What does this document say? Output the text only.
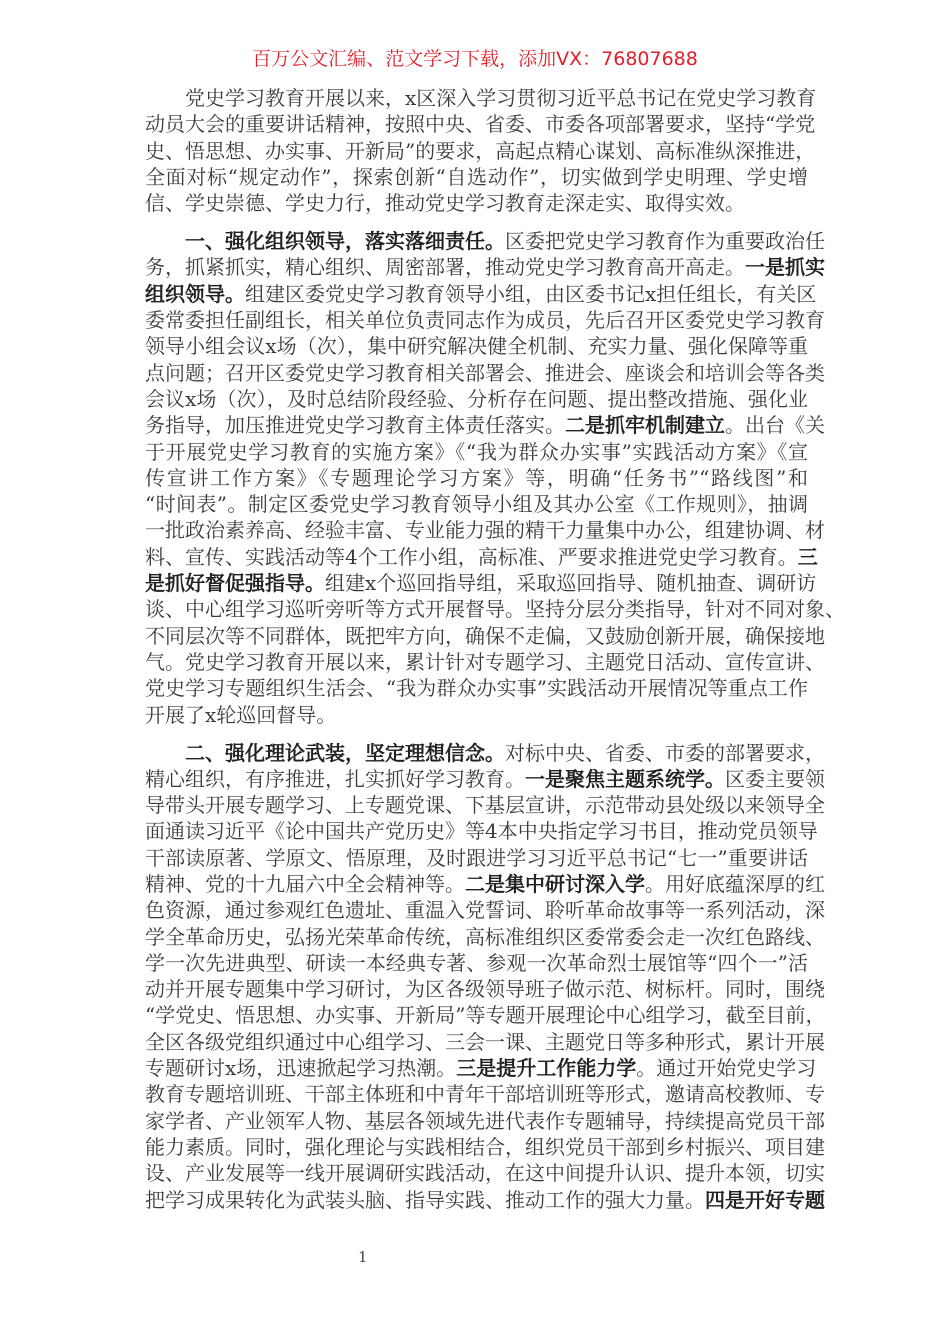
百万公文汇编、范文学习下载，添加VX：76807688
党史学习教育开展以来，x区深入学习贯彻习近平总书记在党史学习教育
动员大会的重要讲话精神，按照中央、省委、市委各项部署要求，坚持“学党
史、悟思想、办实事、开新局”的要求，高起点精心谋划、高标准纵深推进，
全面对标“规定动作”，探索创新“自选动作”，切实做到学史明理、学史增
信、学史崇德、学史力行，推动党史学习教育走深走实、取得实效。
一、强化组织领导，落实落细责任。区委把党史学习教育作为重要政治任
务，抓紧抓实，精心组织、周密部署，推动党史学习教育高开高走。一是抓实
组织领导。组建区委党史学习教育领导小组，由区委书记x担任组长，有关区
委常委担任副组长，相关单位负责同志作为成员，先后召开区委党史学习教育
领导小组会议x场（次），集中研究解决健全机制、充实力量、强化保障等重
点问题；召开区委党史学习教育相关部署会、推进会、座谈会和培训会等各类
会议x场（次），及时总结阶段经验、分析存在问题、提出整改措施、强化业
务指导，加压推进党史学习教育主体责任落实。二是抓牢机制建立。出台《关
于开展党史学习教育的实施方案》《“我为群众办实事”实践活动方案》《宣
传宣讲工作方案》《专题理论学习方案》等，明确“任务书”“路线图”和
“时间表”。制定区委党史学习教育领导小组及其办公室《工作规则》，抽调
一批政治素养高、经验丰富、专业能力强的精干力量集中办公，组建协调、材
料、宣传、实践活动等4个工作小组，高标准、严要求推进党史学习教育。三
是抓好督促强指导。组建x个巡回指导组，采取巡回指导、随机抽查、调研访
谈、中心组学习巡听旁听等方式开展督导。坚持分层分类指导，针对不同对象、
不同层次等不同群体，既把牢方向，确保不走偏，又鼓励创新开展，确保接地
气。党史学习教育开展以来，累计针对专题学习、主题党日活动、宣传宣讲、
党史学习专题组织生活会、“我为群众办实事”实践活动开展情况等重点工作
开展了x轮巡回督导。
二、强化理论武装，坚定理想信念。对标中央、省委、市委的部署要求，
精心组织，有序推进，扎实抓好学习教育。一是聚焦主题系统学。区委主要领
导带头开展专题学习、上专题党课、下基层宣讲，示范带动县处级以来领导全
面通读习近平《论中国共产党历史》等4本中央指定学习书目，推动党员领导
干部读原著、学原文、悟原理，及时跟进学习习近平总书记“七一”重要讲话
精神、党的十九届六中全会精神等。二是集中研讨深入学。用好底蕴深厚的红
色资源，通过参观红色遗址、重温入党誓词、聆听革命故事等一系列活动，深
学全革命历史，弘扬光荣革命传统，高标准组织区委常委会走一次红色路线、
学一次先进典型、研读一本经典专著、参观一次革命烈士展馆等“四个一”活
动并开展专题集中学习研讨，为区各级领导班子做示范、树标杆。同时，围绕
“学党史、悟思想、办实事、开新局”等专题开展理论中心组学习，截至目前，
全区各级党组织通过中心组学习、三会一课、主题党日等多种形式，累计开展
专题研讨x场，迅速掀起学习热潮。三是提升工作能力学。通过开始党史学习
教育专题培训班、干部主体班和中青年干部培训班等形式，邀请高校教师、专
家学者、产业领军人物、基层各领域先进代表作专题辅导，持续提高党员干部
能力素质。同时，强化理论与实践相结合，组织党员干部到乡村振兴、项目建
设、产业发展等一线开展调研实践活动，在这中间提升认识、提升本领，切实
把学习成果转化为武装头脑、指导实践、推动工作的强大力量。四是开好专题
1
